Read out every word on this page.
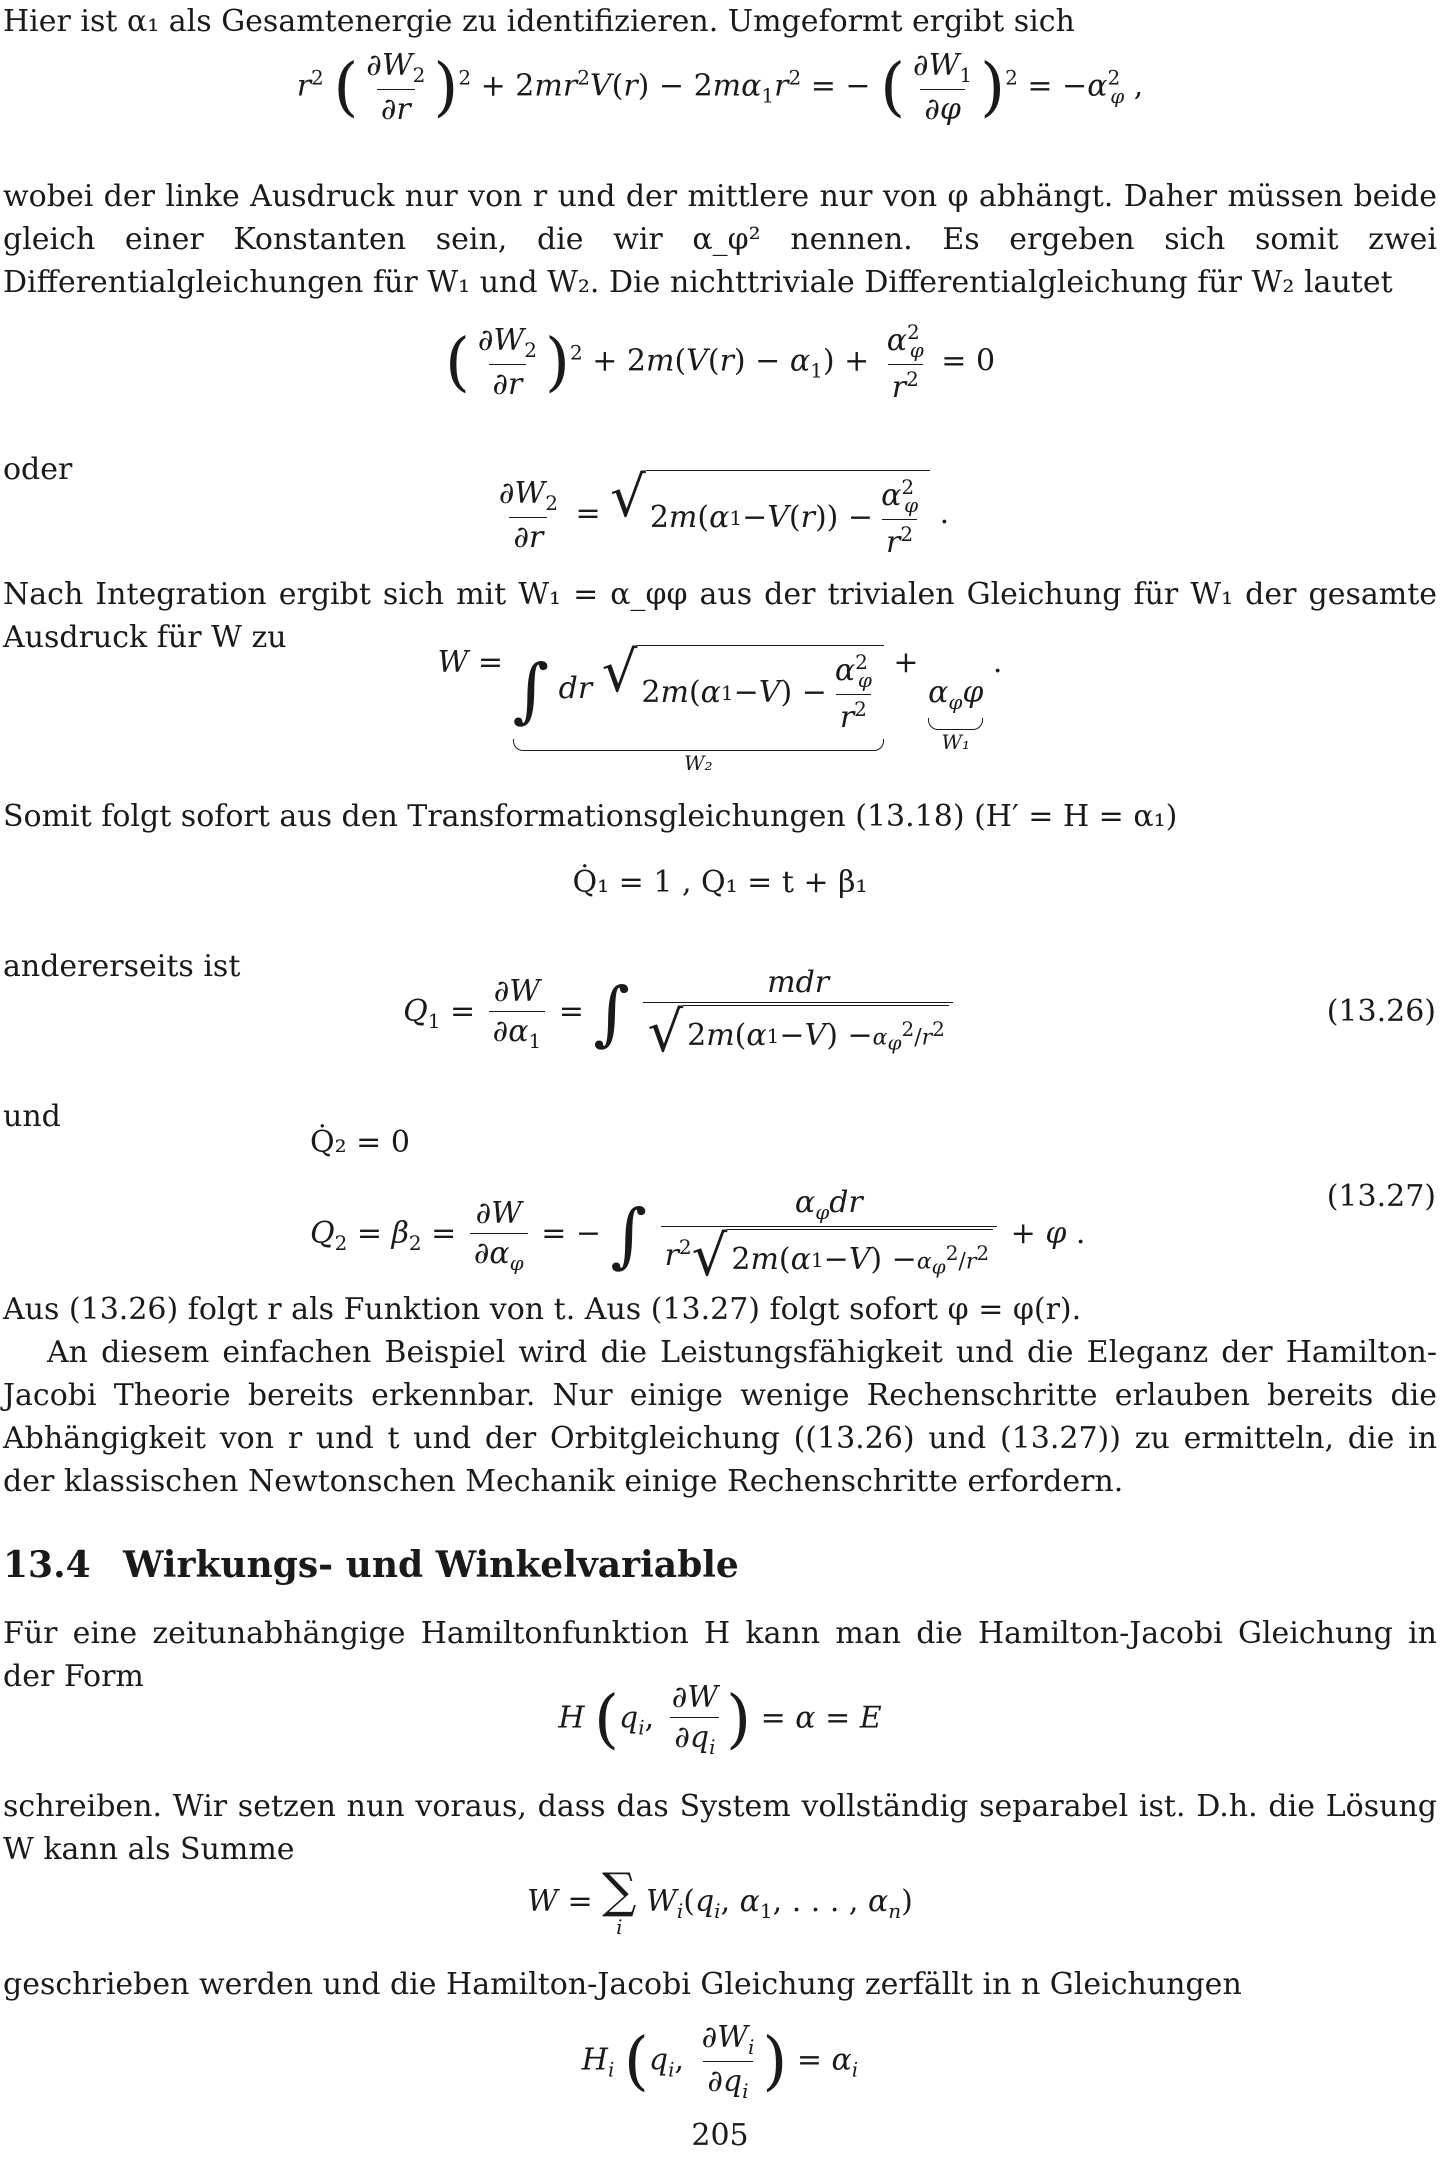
Hier ist α₁ als Gesamtenergie zu identifizieren. Umgeformt ergibt sich

$r^2$ ( $\frac{\partial W_2}{\partial r} )^2 + 2mr^2V(r) - 2m\alpha_1r^2$ = − ( $\frac{\partial W_1}{\partial\varphi} )^2 = -\alpha^2_\varphi$ ,

wobei der linke Ausdruck nur von r und der mittlere nur von φ abhängt. Daher müssen beide gleich einer Konstanten sein, die wir α_φ² nennen. Es ergeben sich somit zwei Differentialgleichungen für W₁ und W₂. Die nichttriviale Differentialgleichung für W₂ lautet

( $\frac{\partial W_2}{\partial r} )^2 + 2m(V(r) - \alpha_1) + \frac{\alpha^2_\varphi}{r^2} = 0$
oder
$\frac{\partial W_2}{\partial r}$ = √ 2 m ( α 1 − V ( r )) − $\frac{\alpha^2_\varphi}{r^2}$ .

Nach Integration ergibt sich mit W₁ = α_φφ aus der trivialen Gleichung für W₁ der gesamte Ausdruck für W zu

W = ∫ dr √ 2 m ( α 1 − V ) − $\frac{\alpha^2_\varphi}{r^2}$
W₂
+
$\alpha_\varphi\varphi$
W₁
.

Somit folgt sofort aus den Transformationsgleichungen (13.18) (H′ = H = α₁)

Q̇₁ = 1 , Q₁ = t + β₁
andererseits ist
$Q_1 = \frac{\partial W}{\partial\alpha_1}$ = ∫ $\frac{\text{mdr}}{√ 2 m ( \alpha 1 - V ) - \alpha_\varphi^2/r^2}$	(13.26)
und
Q̇₂ = 0
$Q_2 = \beta_2 = \frac{\partial W}{\partial\alpha_\varphi}$ = − ∫ $\frac{\alpha_\varphi dr}{r^2 √ 2 m ( \alpha 1 - V ) - \alpha_\varphi^2/r^2} + \varphi$ .
(13.27)

Aus (13.26) folgt r als Funktion von t. Aus (13.27) folgt sofort φ = φ(r).

An diesem einfachen Beispiel wird die Leistungsfähigkeit und die Eleganz der Hamilton-Jacobi Theorie bereits erkennbar. Nur einige wenige Rechenschritte erlauben bereits die Abhängigkeit von r und t und der Orbitgleichung ((13.26) und (13.27)) zu ermitteln, die in der klassischen Newtonschen Mechanik einige Rechenschritte erfordern.

13.4 Wirkungs- und Winkelvariable

Für eine zeitunabhängige Hamiltonfunktion H kann man die Hamilton-Jacobi Gleichung in der Form

H ($q_i$, $\frac{\partial W}{\partial q_i}$ ) = α = E

schreiben. Wir setzen nun voraus, dass das System vollständig separabel ist. D.h. die Lösung W kann als Summe

W = ∑
i
$W_i(q_i$, $\alpha_1$, . . . , $\alpha_n$)

geschrieben werden und die Hamilton-Jacobi Gleichung zerfällt in n Gleichungen

$H_i$ ($q_i$, $\frac{\partial W_i}{\partial q_i}$ ) = $\alpha_i$
205
